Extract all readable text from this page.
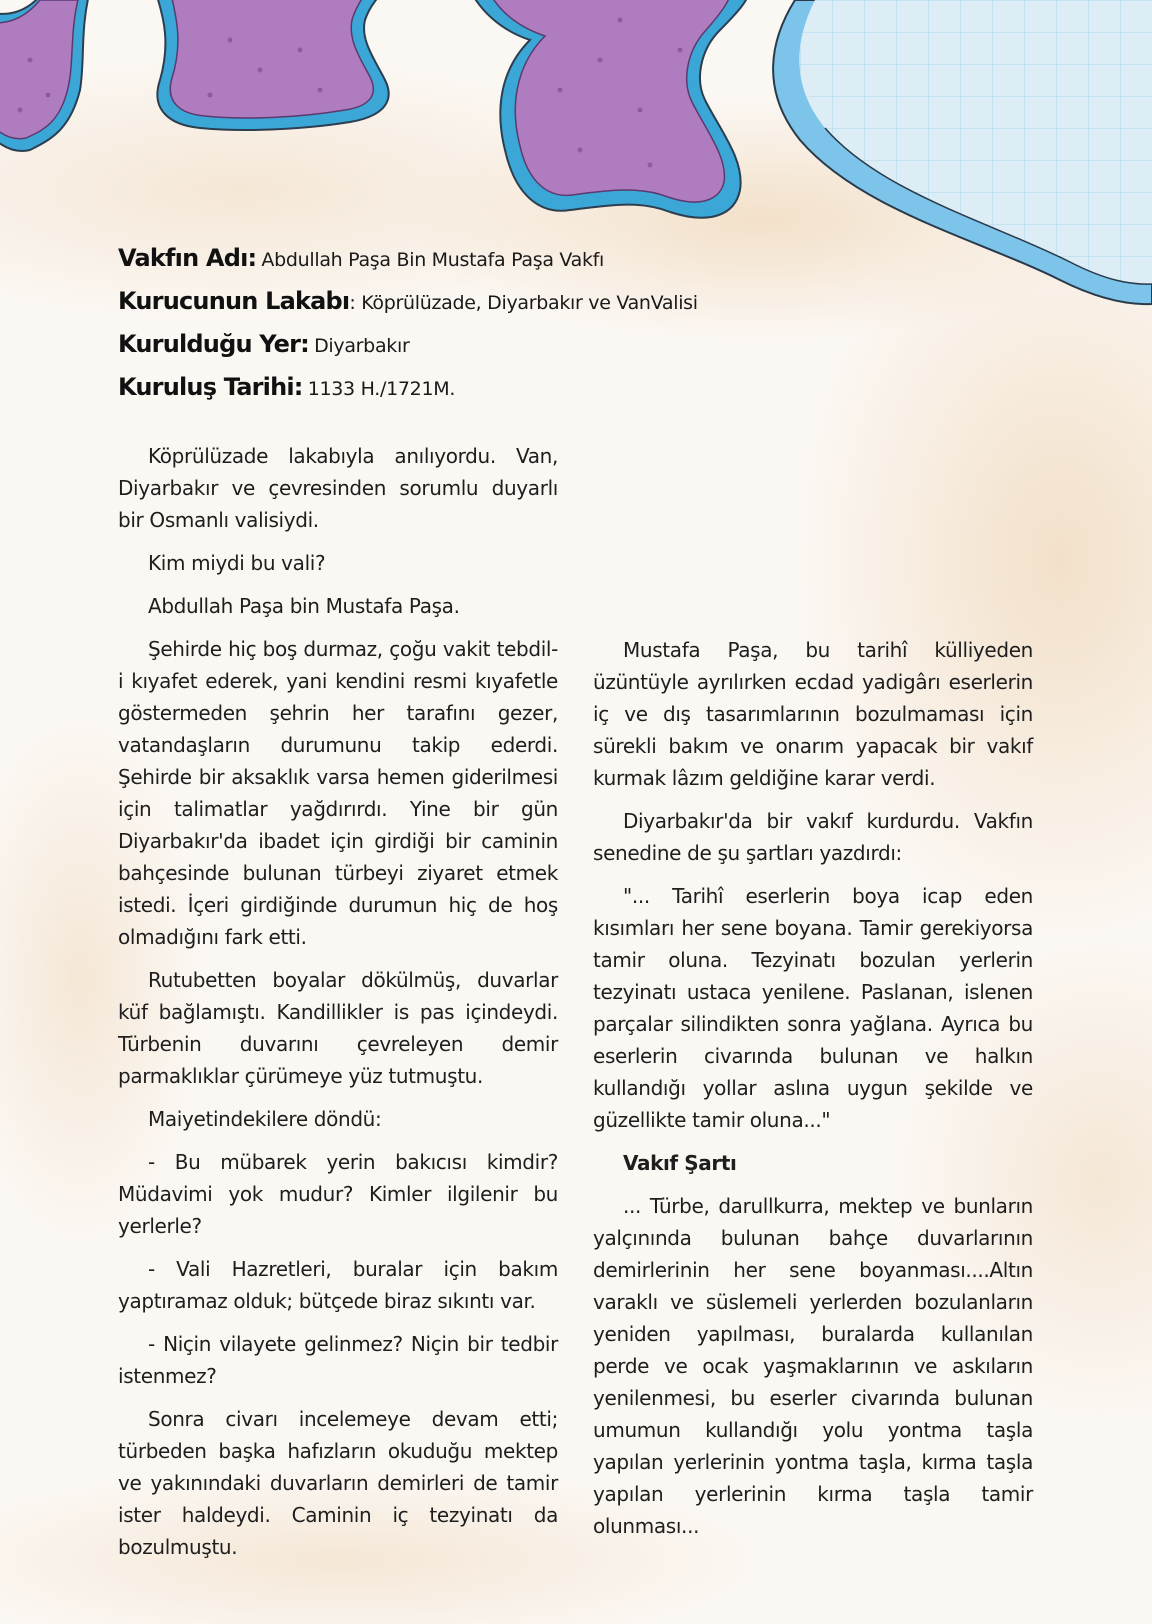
Vakfın Adı: Abdullah Paşa Bin Mustafa Paşa Vakfı
Kurucunun Lakabı: Köprülüzade, Diyarbakır ve VanValisi
Kurulduğu Yer: Diyarbakır
Kuruluş Tarihi: 1133 H./1721M.

Köprülüzade lakabıyla anılıyordu. Van, Diyarbakır ve çevresinden sorumlu duyarlı bir Osmanlı valisiydi.

Kim miydi bu vali?

Abdullah Paşa bin Mustafa Paşa.

Şehirde hiç boş durmaz, çoğu vakit tebdil-i kıyafet ederek, yani kendini resmi kıyafetle göstermeden şehrin her tarafını gezer, vatandaşların durumunu takip ederdi. Şehirde bir aksaklık varsa hemen giderilmesi için talimatlar yağdırırdı. Yine bir gün Diyarbakır'da ibadet için girdiği bir caminin bahçesinde bulunan türbeyi ziyaret etmek istedi. İçeri girdiğinde durumun hiç de hoş olmadığını fark etti.

Rutubetten boyalar dökülmüş, duvarlar küf bağlamıştı. Kandillikler is pas içindeydi. Türbenin duvarını çevreleyen demir parmaklıklar çürümeye yüz tutmuştu.

Maiyetindekilere döndü:

- Bu mübarek yerin bakıcısı kimdir? Müdavimi yok mudur? Kimler ilgilenir bu yerlerle?

- Vali Hazretleri, buralar için bakım yaptıramaz olduk; bütçede biraz sıkıntı var.

- Niçin vilayete gelinmez? Niçin bir tedbir istenmez?

Sonra civarı incelemeye devam etti; türbeden başka hafızların okuduğu mektep ve yakınındaki duvarların demirleri de tamir ister haldeydi. Caminin iç tezyinatı da bozulmuştu.

Mustafa Paşa, bu tarihî külliyeden üzüntüyle ayrılırken ecdad yadigârı eserlerin iç ve dış tasarımlarının bozulmaması için sürekli bakım ve onarım yapacak bir vakıf kurmak lâzım geldiğine karar verdi.

Diyarbakır'da bir vakıf kurdurdu. Vakfın senedine de şu şartları yazdırdı:

"... Tarihî eserlerin boya icap eden kısımları her sene boyana. Tamir gerekiyorsa tamir oluna. Tezyinatı bozulan yerlerin tezyinatı ustaca yenilene. Paslanan, islenen parçalar silindikten sonra yağlana. Ayrıca bu eserlerin civarında bulunan ve halkın kullandığı yollar aslına uygun şekilde ve güzellikte tamir oluna..."

Vakıf Şartı

... Türbe, darullkurra, mektep ve bunların yalçınında bulunan bahçe duvarlarının demirlerinin her sene boyanması....Altın varaklı ve süslemeli yerlerden bozulanların yeniden yapılması, buralarda kullanılan perde ve ocak yaşmaklarının ve askıların yenilenmesi, bu eserler civarında bulunan umumun kullandığı yolu yontma taşla yapılan yerlerinin yontma taşla, kırma taşla yapılan yerlerinin kırma taşla tamir olunması...
